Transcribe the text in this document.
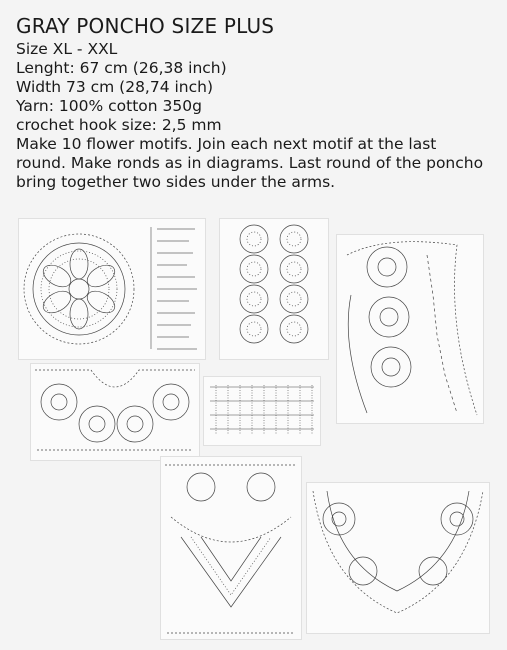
GRAY PONCHO SIZE PLUS

Size XL - XXL

Lenght: 67 cm (26,38 inch)

Width 73 cm (28,74 inch)

Yarn: 100% cotton 350g

crochet hook size: 2,5 mm

Make 10 flower motifs. Join each next motif at the last round. Make ronds as in diagrams. Last round of the poncho bring together two sides under the arms.
